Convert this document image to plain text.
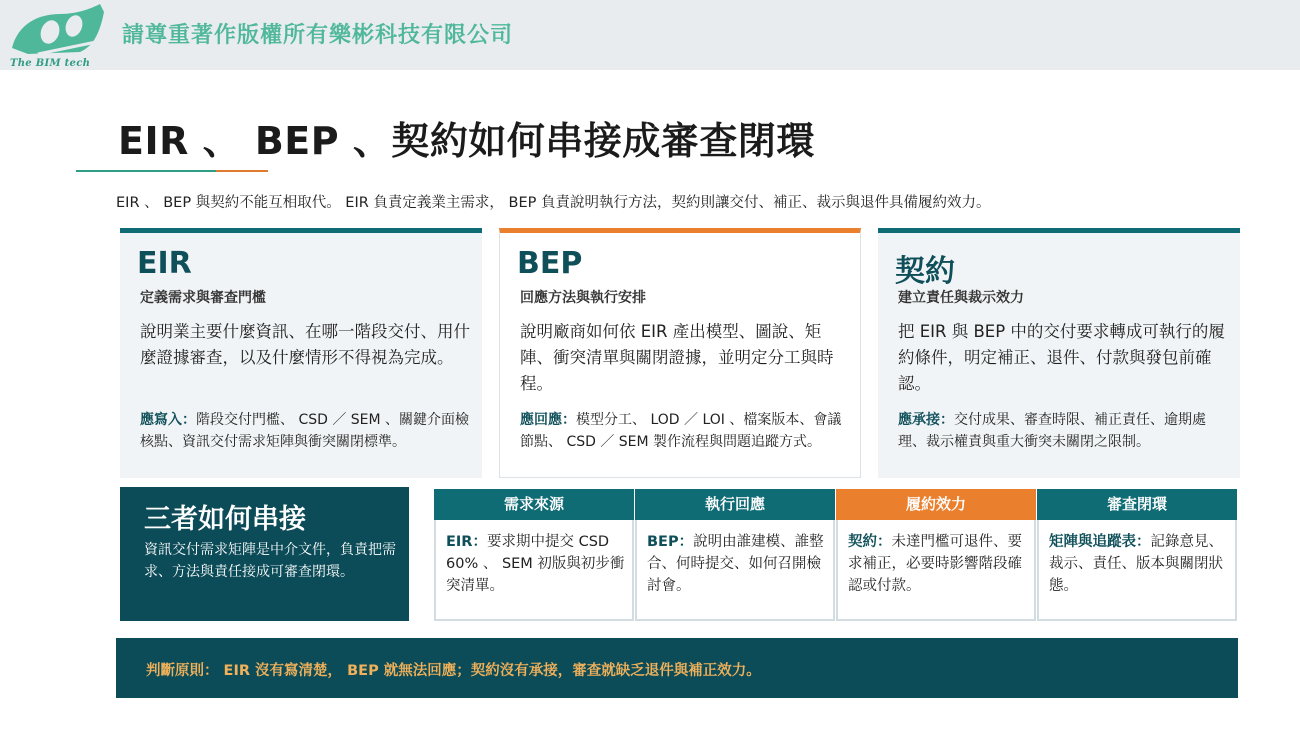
The BIM tech
請尊重著作版權所有樂彬科技有限公司
EIR 、 BEP 、契約如何串接成審查閉環
EIR 、 BEP 與契約不能互相取代。 EIR 負責定義業主需求， BEP 負責說明執行方法，契約則讓交付、補正、裁示與退件具備履約效力。
EIR
定義需求與審查門檻
說明業主要什麼資訊、在哪一階段交付、用什麼證據審查，以及什麼情形不得視為完成。
應寫入：階段交付門檻、 CSD ／ SEM 、關鍵介面檢核點、資訊交付需求矩陣與衝突關閉標準。
BEP
回應方法與執行安排
說明廠商如何依 EIR 產出模型、圖說、矩陣、衝突清單與關閉證據，並明定分工與時程。
應回應：模型分工、 LOD ／ LOI 、檔案版本、會議節點、 CSD ／ SEM 製作流程與問題追蹤方式。
契約
建立責任與裁示效力
把 EIR 與 BEP 中的交付要求轉成可執行的履約條件，明定補正、退件、付款與發包前確認。
應承接：交付成果、審查時限、補正責任、逾期處理、裁示權責與重大衝突未關閉之限制。
三者如何串接
資訊交付需求矩陣是中介文件，負責把需求、方法與責任接成可審查閉環。
需求來源
EIR：要求期中提交 CSD 60% 、 SEM 初版與初步衝突清單。
執行回應
BEP：說明由誰建模、誰整合、何時提交、如何召開檢討會。
履約效力
契約：未達門檻可退件、要求補正，必要時影響階段確認或付款。
審查閉環
矩陣與追蹤表：記錄意見、裁示、責任、版本與關閉狀態。
判斷原則： EIR 沒有寫清楚， BEP 就無法回應；契約沒有承接，審查就缺乏退件與補正效力。
